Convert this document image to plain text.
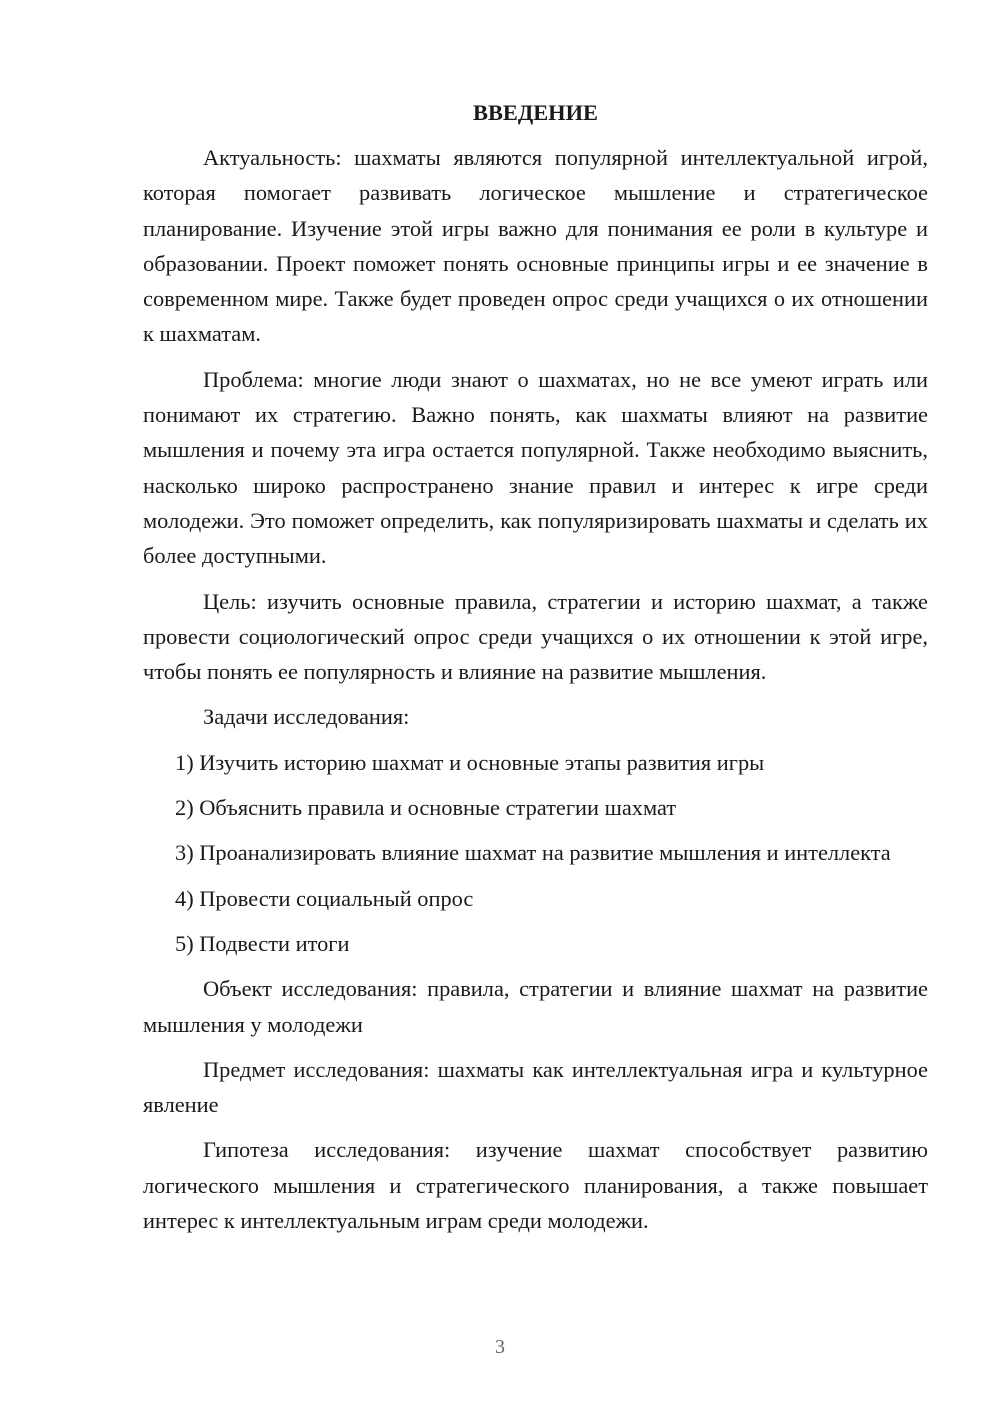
ВВЕДЕНИЕ

Актуальность: шахматы являются популярной интеллектуальной игрой, которая помогает развивать логическое мышление и стратегическое планирование. Изучение этой игры важно для понимания ее роли в культуре и образовании. Проект поможет понять основные принципы игры и ее значение в современном мире. Также будет проведен опрос среди учащихся о их отношении к шахматам.

Проблема: многие люди знают о шахматах, но не все умеют играть или понимают их стратегию. Важно понять, как шахматы влияют на развитие мышления и почему эта игра остается популярной. Также необходимо выяснить, насколько широко распространено знание правил и интерес к игре среди молодежи. Это поможет определить, как популяризировать шахматы и сделать их более доступными.

Цель: изучить основные правила, стратегии и историю шахмат, а также провести социологический опрос среди учащихся о их отношении к этой игре, чтобы понять ее популярность и влияние на развитие мышления.

Задачи исследования:

1) Изучить историю шахмат и основные этапы развития игры

2) Объяснить правила и основные стратегии шахмат

3) Проанализировать влияние шахмат на развитие мышления и интеллекта

4) Провести социальный опрос

5) Подвести итоги

Объект исследования: правила, стратегии и влияние шахмат на развитие мышления у молодежи

Предмет исследования: шахматы как интеллектуальная игра и культурное явление

Гипотеза исследования: изучение шахмат способствует развитию логического мышления и стратегического планирования, а также повышает интерес к интеллектуальным играм среди молодежи.

3
